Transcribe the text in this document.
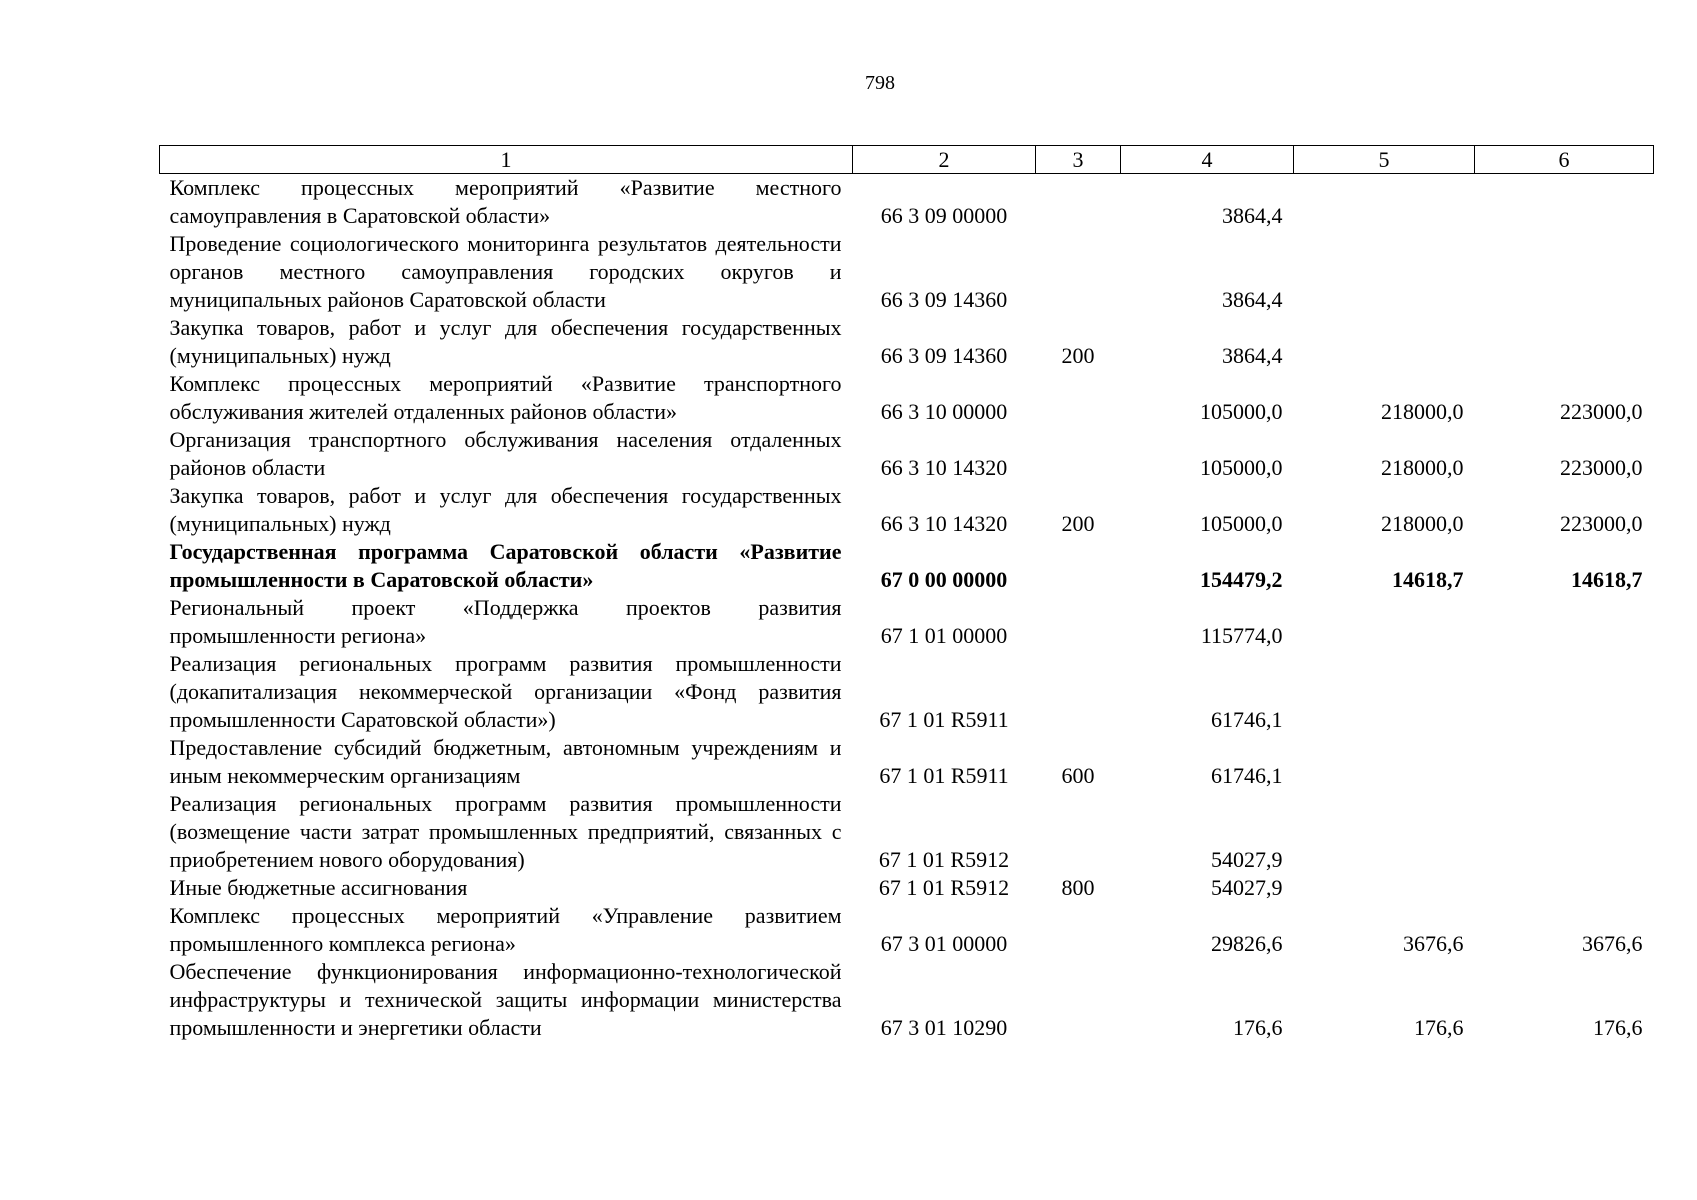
798
1	2	3	4	5	6
Комплекс процессных мероприятий «Развитие местного самоуправления в Саратовской области»	66 3 09 00000		3864,4		
Проведение социологического мониторинга результатов деятельности органов местного самоуправления городских округов и муниципальных районов Саратовской области	66 3 09 14360		3864,4		
Закупка товаров, работ и услуг для обеспечения государственных (муниципальных) нужд	66 3 09 14360	200	3864,4		
Комплекс процессных мероприятий «Развитие транспортного обслуживания жителей отдаленных районов области»	66 3 10 00000		105000,0	218000,0	223000,0
Организация транспортного обслуживания населения отдаленных районов области	66 3 10 14320		105000,0	218000,0	223000,0
Закупка товаров, работ и услуг для обеспечения государственных (муниципальных) нужд	66 3 10 14320	200	105000,0	218000,0	223000,0
Государственная программа Саратовской области «Развитие промышленности в Саратовской области»	67 0 00 00000		154479,2	14618,7	14618,7
Региональный проект «Поддержка проектов развития промышленности региона»	67 1 01 00000		115774,0		
Реализация региональных программ развития промышленности (докапитализация некоммерческой организации «Фонд развития промышленности Саратовской области»)	67 1 01 R5911		61746,1		
Предоставление субсидий бюджетным, автономным учреждениям и иным некоммерческим организациям	67 1 01 R5911	600	61746,1		
Реализация региональных программ развития промышленности (возмещение части затрат промышленных предприятий, связанных с приобретением нового оборудования)	67 1 01 R5912		54027,9		
Иные бюджетные ассигнования	67 1 01 R5912	800	54027,9		
Комплекс процессных мероприятий «Управление развитием промышленного комплекса региона»	67 3 01 00000		29826,6	3676,6	3676,6
Обеспечение функционирования информационно-технологической инфраструктуры и технической защиты информации министерства промышленности и энергетики области	67 3 01 10290		176,6	176,6	176,6
